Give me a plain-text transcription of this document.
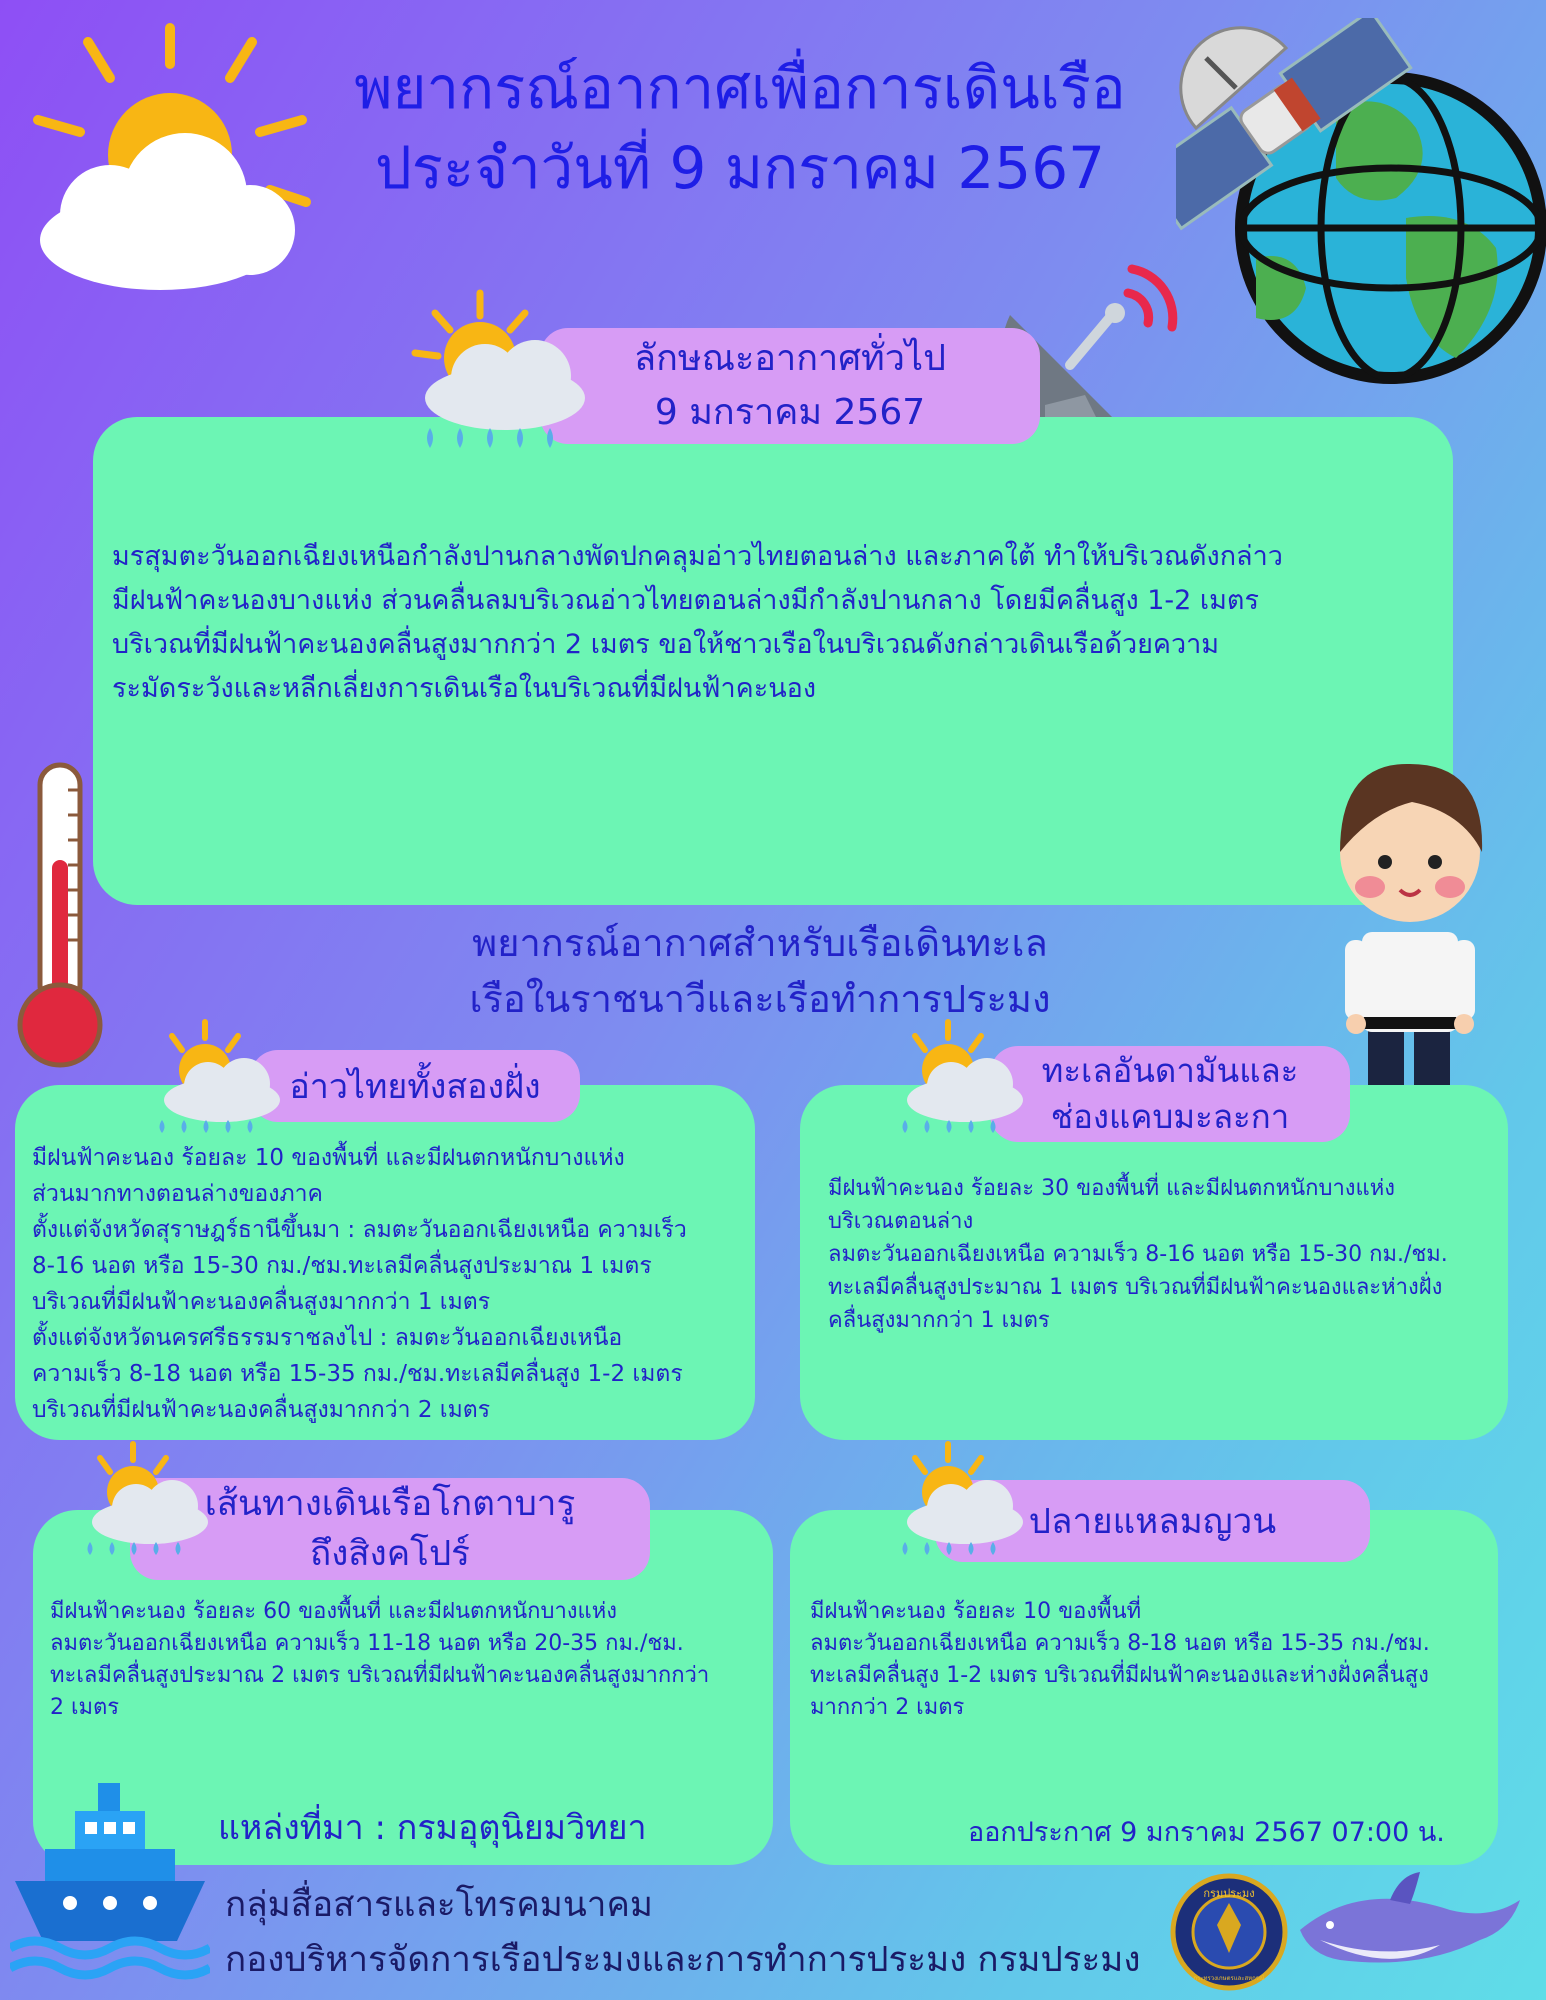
พยากรณ์อากาศเพื่อการเดินเรือ
ประจำวันที่ 9 มกราคม 2567
ลักษณะอากาศทั่วไป
9 มกราคม 2567
มรสุมตะวันออกเฉียงเหนือกำลังปานกลางพัดปกคลุมอ่าวไทยตอนล่าง และภาคใต้ ทำให้บริเวณดังกล่าว
มีฝนฟ้าคะนองบางแห่ง ส่วนคลื่นลมบริเวณอ่าวไทยตอนล่างมีกำลังปานกลาง โดยมีคลื่นสูง 1-2 เมตร
บริเวณที่มีฝนฟ้าคะนองคลื่นสูงมากกว่า 2 เมตร ขอให้ชาวเรือในบริเวณดังกล่าวเดินเรือด้วยความ
ระมัดระวังและหลีกเลี่ยงการเดินเรือในบริเวณที่มีฝนฟ้าคะนอง
พยากรณ์อากาศสำหรับเรือเดินทะเล
เรือในราชนาวีและเรือทำการประมง
อ่าวไทยทั้งสองฝั่ง
มีฝนฟ้าคะนอง ร้อยละ 10 ของพื้นที่ และมีฝนตกหนักบางแห่ง
ส่วนมากทางตอนล่างของภาค
ตั้งแต่จังหวัดสุราษฎร์ธานีขึ้นมา : ลมตะวันออกเฉียงเหนือ ความเร็ว
8-16 นอต หรือ 15-30 กม./ชม.ทะเลมีคลื่นสูงประมาณ 1 เมตร
บริเวณที่มีฝนฟ้าคะนองคลื่นสูงมากกว่า 1 เมตร
ตั้งแต่จังหวัดนครศรีธรรมราชลงไป : ลมตะวันออกเฉียงเหนือ
ความเร็ว 8-18 นอต หรือ 15-35 กม./ชม.ทะเลมีคลื่นสูง 1-2 เมตร
บริเวณที่มีฝนฟ้าคะนองคลื่นสูงมากกว่า 2 เมตร
ทะเลอันดามันและ
ช่องแคบมะละกา
มีฝนฟ้าคะนอง ร้อยละ 30 ของพื้นที่ และมีฝนตกหนักบางแห่ง
บริเวณตอนล่าง
ลมตะวันออกเฉียงเหนือ ความเร็ว 8-16 นอต หรือ 15-30 กม./ชม.
ทะเลมีคลื่นสูงประมาณ 1 เมตร บริเวณที่มีฝนฟ้าคะนองและห่างฝั่ง
คลื่นสูงมากกว่า 1 เมตร
เส้นทางเดินเรือโกตาบารู
ถึงสิงคโปร์
มีฝนฟ้าคะนอง ร้อยละ 60 ของพื้นที่ และมีฝนตกหนักบางแห่ง
ลมตะวันออกเฉียงเหนือ ความเร็ว 11-18 นอต หรือ 20-35 กม./ชม.
ทะเลมีคลื่นสูงประมาณ 2 เมตร บริเวณที่มีฝนฟ้าคะนองคลื่นสูงมากกว่า
2 เมตร
ปลายแหลมญวน
มีฝนฟ้าคะนอง ร้อยละ 10 ของพื้นที่
ลมตะวันออกเฉียงเหนือ ความเร็ว 8-18 นอต หรือ 15-35 กม./ชม.
ทะเลมีคลื่นสูง 1-2 เมตร บริเวณที่มีฝนฟ้าคะนองและห่างฝั่งคลื่นสูง
มากกว่า 2 เมตร
แหล่งที่มา : กรมอุตุนิยมวิทยา	ออกประกาศ 9 มกราคม 2567 07:00 น.
กลุ่มสื่อสารและโทรคมนาคม
กองบริหารจัดการเรือประมงและการทำการประมง กรมประมง
กรมประมง
กระทรวงเกษตรและสหกรณ์
